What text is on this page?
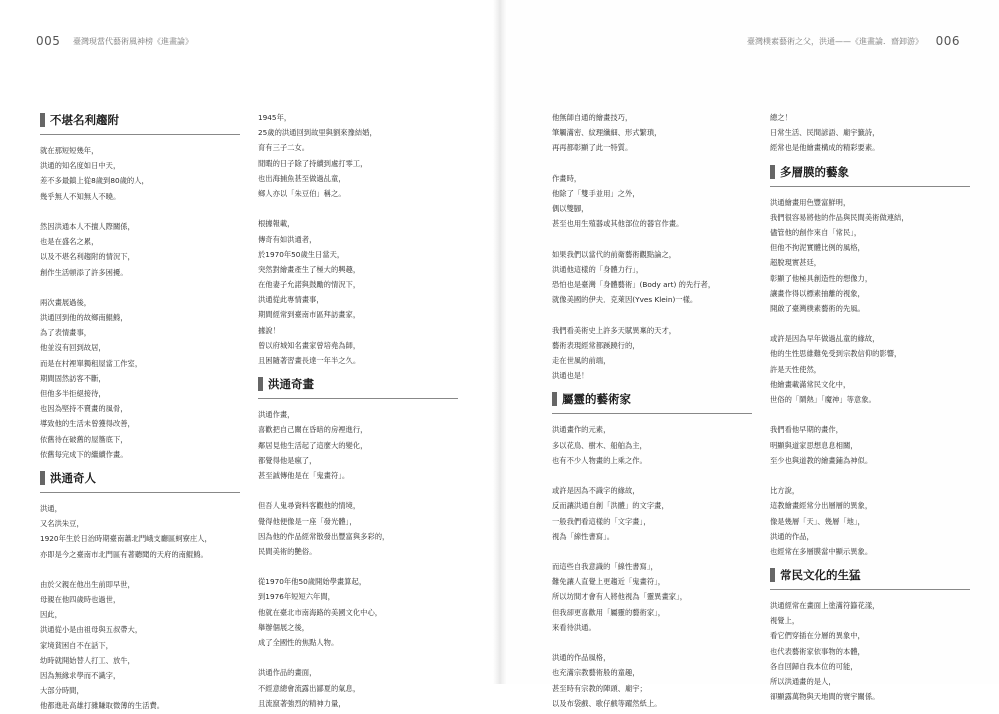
005 臺灣現當代藝術風神榜《進畫論》	臺灣樸素藝術之父，洪通——《進畫論．齋卸游》 006
不堪名利趨附
就在那短短幾年，
洪通的知名度如日中天，
差不多最鎮上從8歲到80歲的人，
幾乎無人不知無人不曉。
然因洪通本人不擅人際關係，
也是在盛名之累，
以及不堪名利趨附的情況下，
創作生活頓添了許多困擾。
兩次畫展過後，
洪通回到他的故鄉南鯤鯓，
為了表情畫事，
他並沒有回到故居，
而是在村裡單獨租屋當工作室，
期間固然訪客不斷，
但他多半拒絕接待，
也因為堅持不賣畫的風骨，
導致他的生活未曾獲得改善，
依舊待在破舊的屋簷底下，
依舊每完成下的繼續作畫。
洪通奇人
洪通，
又名洪朱豆，
1920年生於日治時期臺南蕭北門峨支廳區蚵寮庄人，
亦即是今之臺南市北門區有著聽聞的天府的南鯤鯓。
由於父親在他出生前即早世，
母親在他四歲時也過世，
因此，
洪通從小是由祖母與五叔帶大，
家境貧困自不在話下，
幼時就開始替人打工、放牛，
因為無緣求學而不識字，
大部分時間，
他都進赴高雄打雜賺取微薄的生活費。
1945年，
25歲的洪通回到故里與劉來豫結婚，
育有三子二女。
閒暇的日子除了持續到處打零工，
也出海捕魚甚至做過乩童，
鄉人亦以「朱豆伯」稱之。
根據報載，
傳奇有如洪通者，
於1970年50歲生日當天，
突然對繪畫產生了極大的興趣，
在他妻子允諾與鼓勵的情況下，
洪通從此專情畫事，
期間經常到臺南市區拜訪畫家，
據說！
曾以府城知名畫家曾培堯為師，
且困隨著習畫長達一年半之久。
洪通奇畫
洪通作畫，
喜歡把自己關在昏暗的房裡進行，
鄰居見他生活起了這麼大的變化，
都覺得他是瘋了，
甚至誠傳他是在「鬼畫符」。
但吾人鬼尋資料客觀他的情境，
覺得他便像是一座「發光體」，
因為他的作品經常散發出豐富與多彩的，
民間美術的艷俗。
從1970年他50歲開始學畫算起，
到1976年短短六年間，
他就在臺北市南海路的美國文化中心，
舉辦個展之後，
成了全國性的焦點人物。
洪通作品的畫面，
不經意總會流露出鄙夏的氣息，
且流竄著強烈的精神力量，
他無師自通的繪畫技巧，
筆觸滿密、紋理纖細、形式繁瑣，
再再都彰顯了此一特質。
作畫時，
他除了「雙手並用」之外，
偶以雙腳，
甚至也用生殖器或其他部位的器官作畫。
如果我們以當代的前衛藝術觀點論之，
洪通他這樣的「身體力行」，
恐怕也是臺灣「身體藝術」(Body art) 的先行者，
就像美國的伊夫．克萊因(Yves Klein)一樣。
我們看美術史上許多天賦異稟的天才，
藝術表現經常都蹊蹺行的，
走在世風的前端，
洪通也是！
屬靈的藝術家
洪通畫作的元素，
多以花鳥、樹木、船舶為主，
也有不少人物畫的上乘之作。
或許是因為不識字的緣故，
反而讓洪通自創「洪體」的文字畫，
一般我們看這樣的「文字畫」，
視為「線性書寫」。
而這些自我意識的「線性書寫」，
難免讓人直覺上更趨近「鬼畫符」，
所以坊間才會有人將他視為「靈異畫家」，
但我卻更喜歡用「屬靈的藝術家」，
來看待洪通。
洪通的作品風格，
也充滿宗教藝術般的童趣，
甚至時有宗教的陣頭、廟宇；
以及布袋戲、歌仔戲等躍然紙上。
總之！
日常生活、民間諺語、廟宇籤詩，
經常也是他繪畫構成的精彩要素。
多層膜的藝象
洪通繪畫用色豐富鮮明，
我們很容易將他的作品與民間美術做連結，
儘管他的創作來自「常民」，
但他不拘泥實體比例的風格，
超脫現實甚廷，
彰顯了他極具創造性的想像力，
讓畫作得以標素抽離的視象，
開啟了臺灣樸素藝術的先風。
或許是因為早年做過乩童的緣故，
他的生性思維難免受到宗教信仰的影響，
許是天性使然，
他繪畫載滿常民文化中，
世俗的「鬧熱」「魔神」等意象。
我們看他早期的畫作，
明顯與道家思想息息相關，
至少也與道教的繪畫鋪為神似。
比方說，
這教繪畫經常分出層層的異象，
像是幾層「天」、幾層「地」，
洪通的作品，
也經常在多層膜當中顯示異象。
常民文化的生猛
洪通經常在畫面上塗滿符籙花漾，
視覺上，
看它們穿插在分層的異象中，
也代表藝術家依事物的本體，
各自回歸自我本位的可能，
所以洪通畫的是人，
卻顯露萬物與天地間的寰宇關係。
